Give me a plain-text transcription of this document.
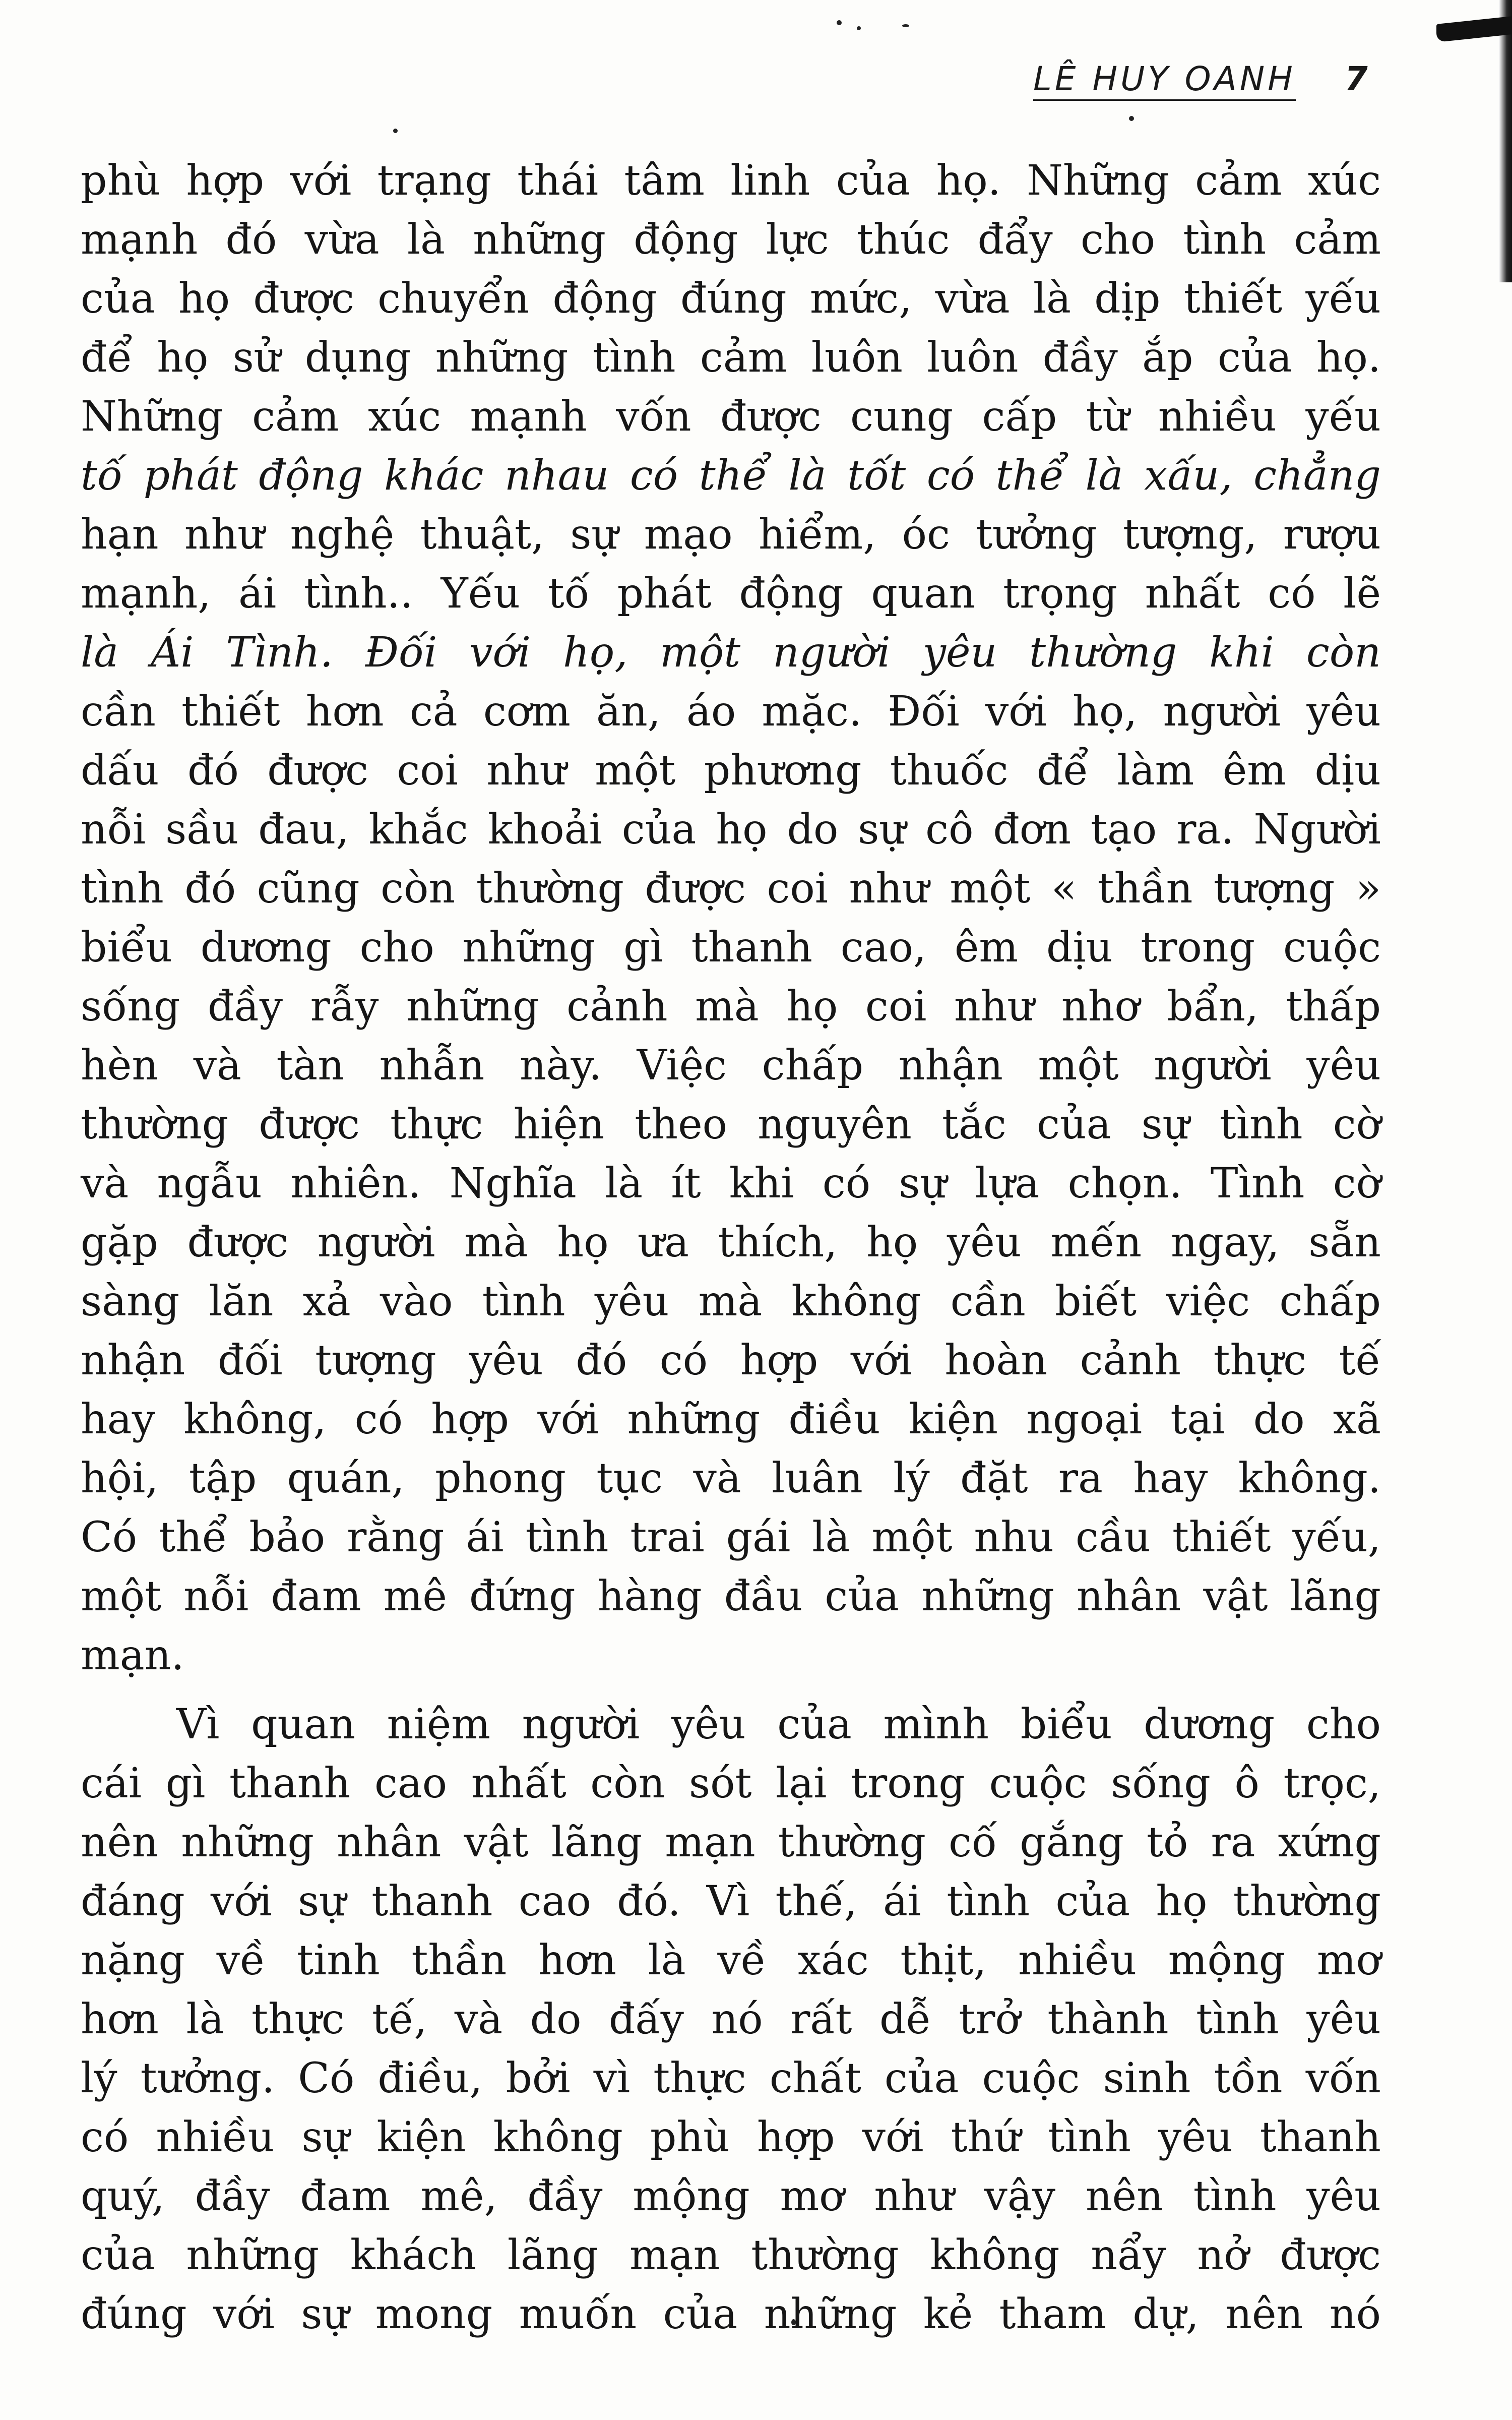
LÊ HUY OANH 7
phù hợp với trạng thái tâm linh của họ. Những cảm xúc
mạnh đó vừa là những động lực thúc đẩy cho tình cảm
của họ được chuyển động đúng mức, vừa là dịp thiết yếu
để họ sử dụng những tình cảm luôn luôn đầy ắp của họ.
Những cảm xúc mạnh vốn được cung cấp từ nhiều yếu
tố phát động khác nhau có thể là tốt có thể là xấu, chẳng
hạn như nghệ thuật, sự mạo hiểm, óc tưởng tượng, rượu
mạnh, ái tình.. Yếu tố phát động quan trọng nhất có lẽ
là Ái Tình. Đối với họ, một người yêu thường khi còn
cần thiết hơn cả cơm ăn, áo mặc. Đối với họ, người yêu
dấu đó được coi như một phương thuốc để làm êm dịu
nỗi sầu đau, khắc khoải của họ do sự cô đơn tạo ra. Người
tình đó cũng còn thường được coi như một « thần tượng »
biểu dương cho những gì thanh cao, êm dịu trong cuộc
sống đầy rẫy những cảnh mà họ coi như nhơ bẩn, thấp
hèn và tàn nhẫn này. Việc chấp nhận một người yêu
thường được thực hiện theo nguyên tắc của sự tình cờ
và ngẫu nhiên. Nghĩa là ít khi có sự lựa chọn. Tình cờ
gặp được người mà họ ưa thích, họ yêu mến ngay, sẵn
sàng lăn xả vào tình yêu mà không cần biết việc chấp
nhận đối tượng yêu đó có hợp với hoàn cảnh thực tế
hay không, có hợp với những điều kiện ngoại tại do xã
hội, tập quán, phong tục và luân lý đặt ra hay không.
Có thể bảo rằng ái tình trai gái là một nhu cầu thiết yếu,
một nỗi đam mê đứng hàng đầu của những nhân vật lãng
mạn.
Vì quan niệm người yêu của mình biểu dương cho
cái gì thanh cao nhất còn sót lại trong cuộc sống ô trọc,
nên những nhân vật lãng mạn thường cố gắng tỏ ra xứng
đáng với sự thanh cao đó. Vì thế, ái tình của họ thường
nặng về tinh thần hơn là về xác thịt, nhiều mộng mơ
hơn là thực tế, và do đấy nó rất dễ trở thành tình yêu
lý tưởng. Có điều, bởi vì thực chất của cuộc sinh tồn vốn
có nhiều sự kiện không phù hợp với thứ tình yêu thanh
quý, đầy đam mê, đầy mộng mơ như vậy nên tình yêu
của những khách lãng mạn thường không nẩy nở được
đúng với sự mong muốn của những kẻ tham dự, nên nó
